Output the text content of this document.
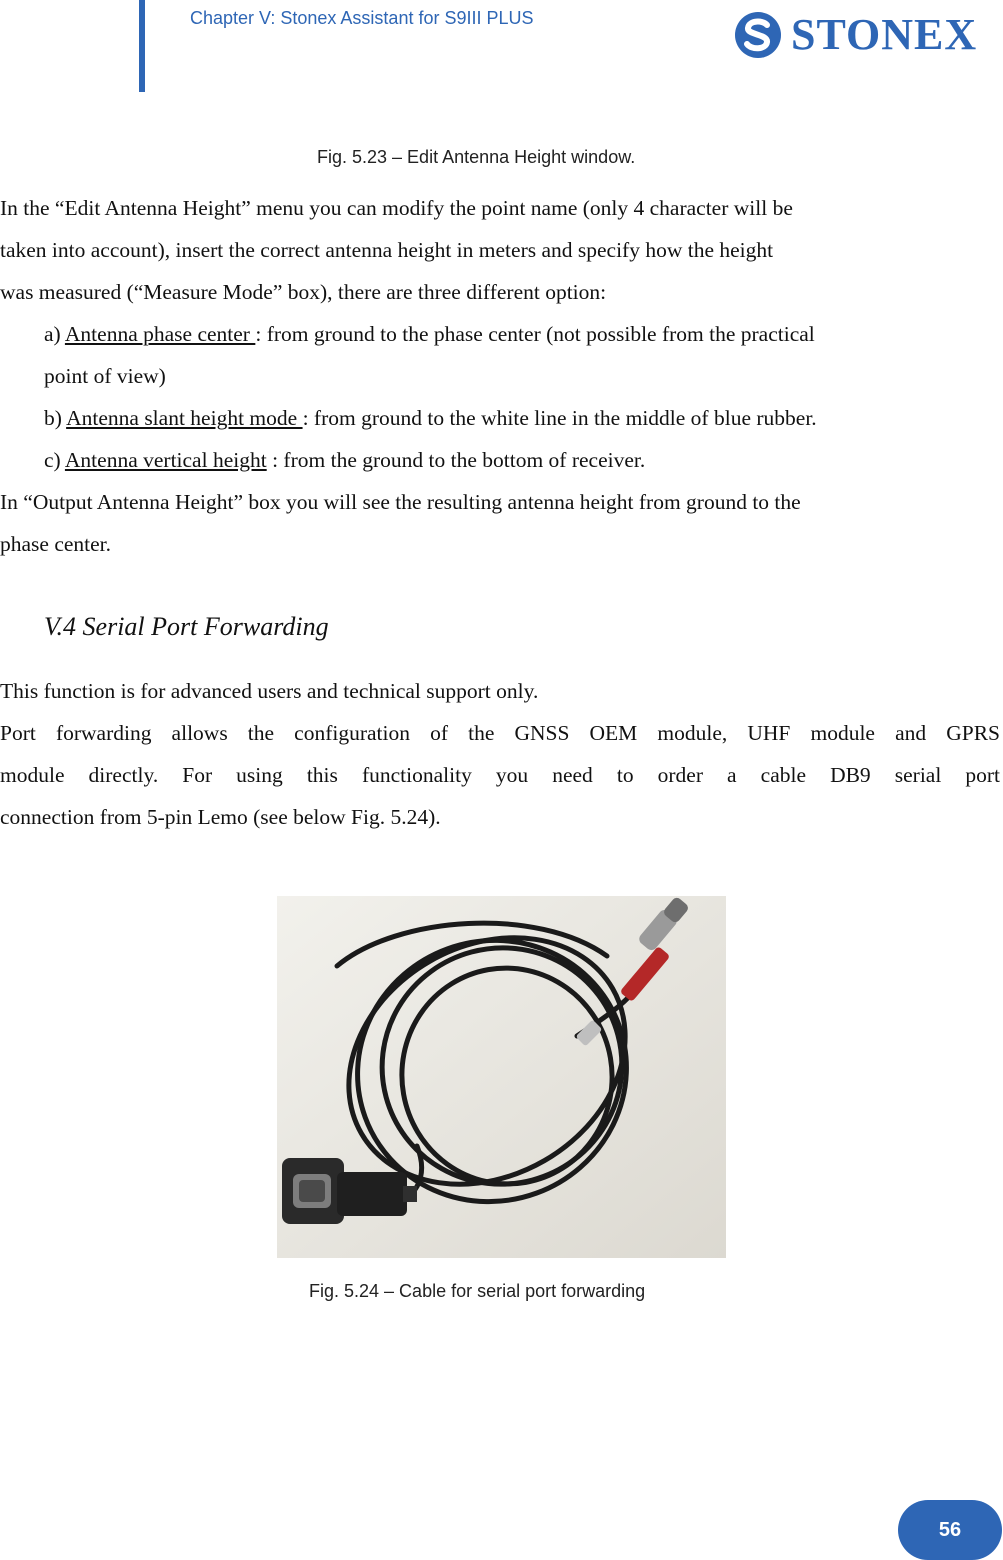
Chapter V: Stonex Assistant for S9III PLUS	STONEX
Fig. 5.23 – Edit Antenna Height window.
In the “Edit Antenna Height” menu you can modify the point name (only 4 character will be
taken into account), insert the correct antenna height in meters and specify how the height
was measured (“Measure Mode” box), there are three different option:
a) Antenna phase center : from ground to the phase center (not possible from the practical
point of view)
b) Antenna slant height mode : from ground to the white line in the middle of blue rubber.
c) Antenna vertical height : from the ground to the bottom of receiver.
In “Output Antenna Height” box you will see the resulting antenna height from ground to the
phase center.
V.4 Serial Port Forwarding
This function is for advanced users and technical support only.
Port forwarding allows the configuration of the GNSS OEM module, UHF module and GPRS
module directly. For using this functionality you need to order a cable DB9 serial port
connection from 5-pin Lemo (see below Fig. 5.24).
Fig. 5.24 – Cable for serial port forwarding
56
